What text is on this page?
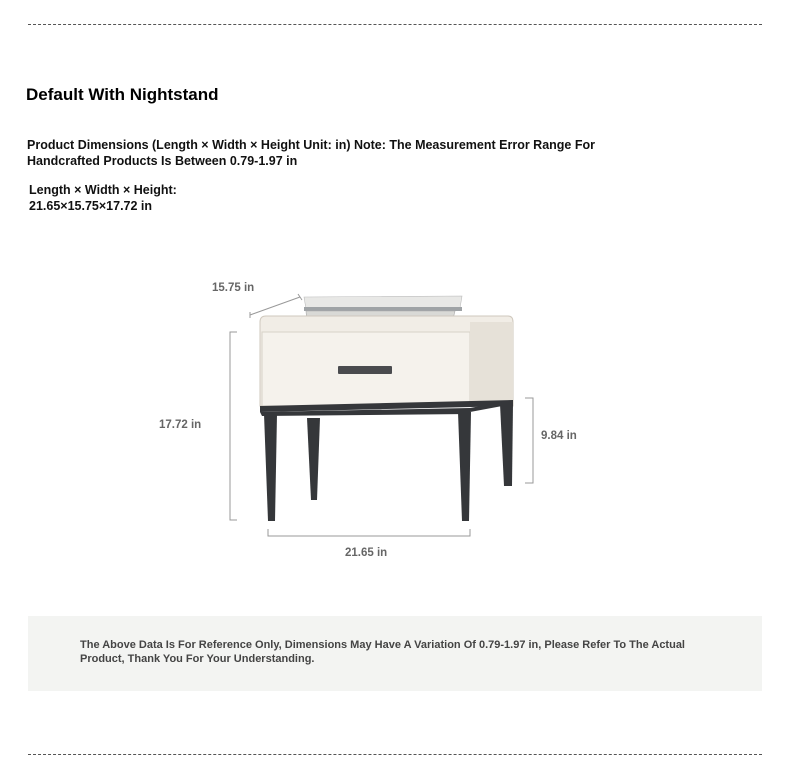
Default With Nightstand
Product Dimensions (Length × Width × Height Unit: in) Note: The Measurement Error Range For Handcrafted Products Is Between 0.79-1.97 in
Length × Width × Height:
21.65×15.75×17.72 in
15.75 in
17.72 in
9.84 in
21.65 in
The Above Data Is For Reference Only, Dimensions May Have A Variation Of 0.79-1.97 in, Please Refer To The Actual Product, Thank You For Your Understanding.
